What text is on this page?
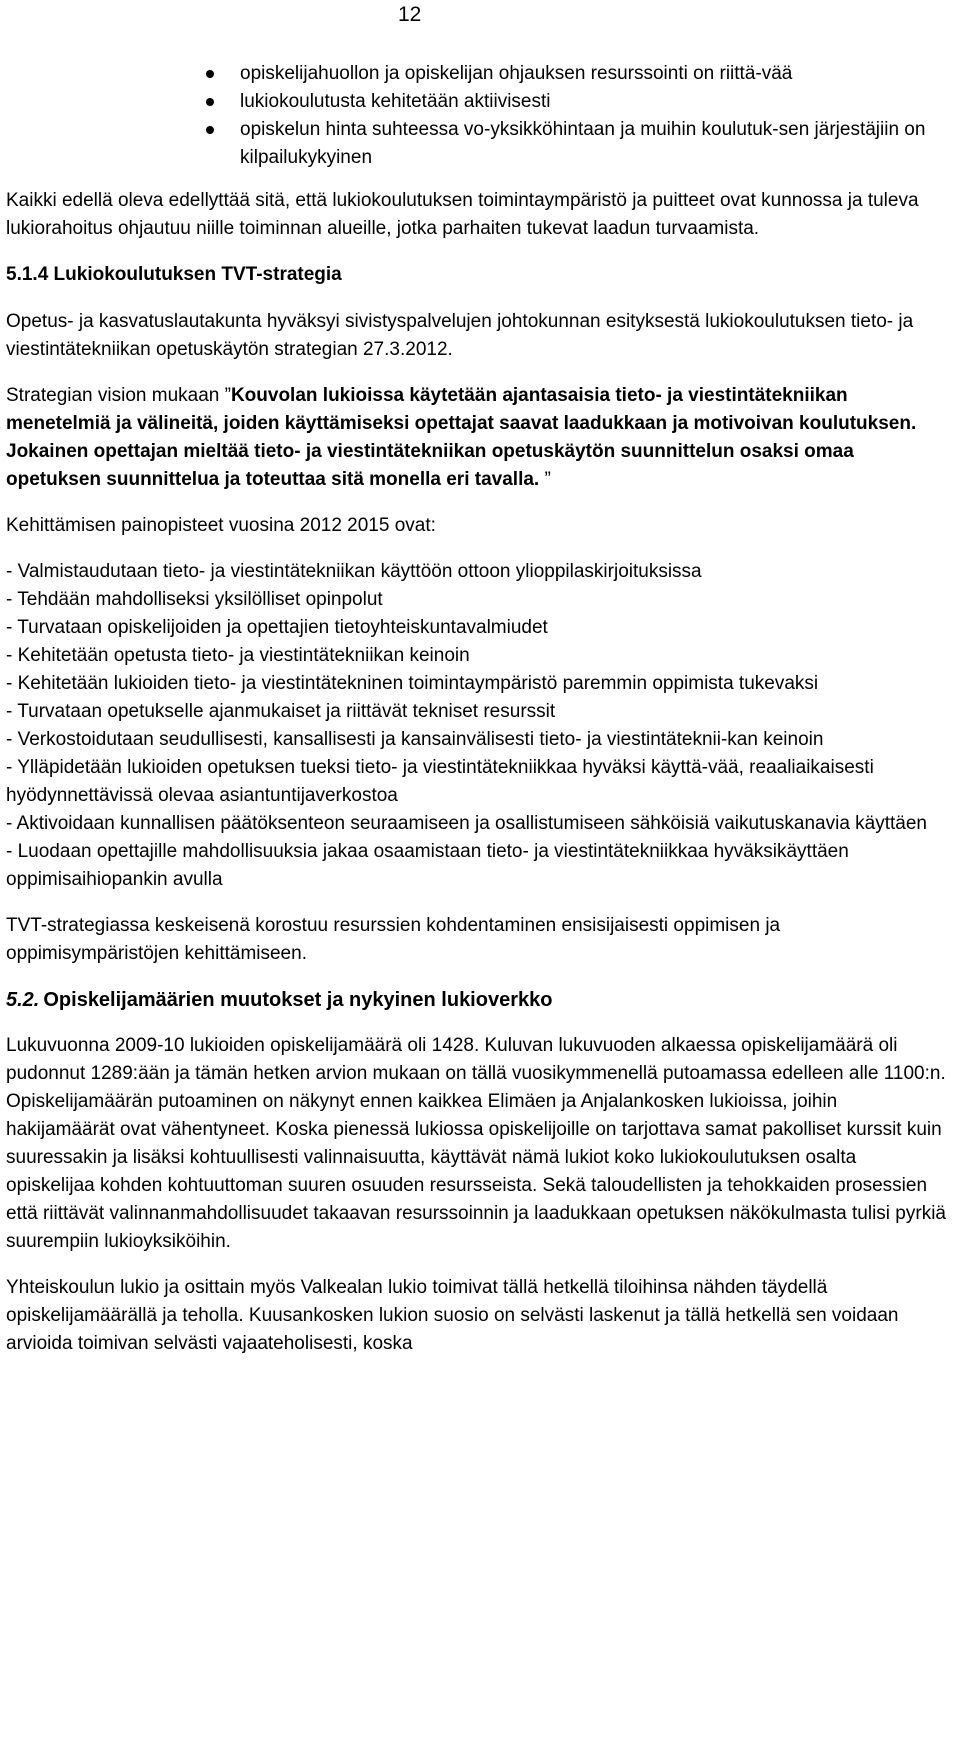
12
opiskelijahuollon ja opiskelijan ohjauksen resurssointi on riittä-vää
lukiokoulutusta kehitetään aktiivisesti
opiskelun hinta suhteessa vo-yksikköhintaan ja muihin koulutuk-sen järjestäjiin on kilpailukykyinen

Kaikki edellä oleva edellyttää sitä, että lukiokoulutuksen toimintaympäristö ja puitteet ovat kunnossa ja tuleva lukiorahoitus ohjautuu niille toiminnan alueille, jotka parhaiten tukevat laadun turvaamista.

5.1.4 Lukiokoulutuksen TVT-strategia

Opetus- ja kasvatuslautakunta hyväksyi sivistyspalvelujen johtokunnan esityksestä lukiokoulutuksen tieto- ja viestintätekniikan opetuskäytön strategian 27.3.2012.

Strategian vision mukaan ”Kouvolan lukioissa käytetään ajantasaisia tieto- ja viestintätekniikan menetelmiä ja välineitä, joiden käyttämiseksi opettajat saavat laadukkaan ja motivoivan koulutuksen. Jokainen opettajan mieltää tieto- ja viestintätekniikan opetuskäytön suunnittelun osaksi omaa opetuksen suunnittelua ja toteuttaa sitä monella eri tavalla. ”

Kehittämisen painopisteet vuosina 2012 2015 ovat:

- Valmistaudutaan tieto- ja viestintätekniikan käyttöön ottoon ylioppilaskirjoituksissa
- Tehdään mahdolliseksi yksilölliset opinpolut
- Turvataan opiskelijoiden ja opettajien tietoyhteiskuntavalmiudet
- Kehitetään opetusta tieto- ja viestintätekniikan keinoin
- Kehitetään lukioiden tieto- ja viestintätekninen toimintaympäristö paremmin oppimista tukevaksi
- Turvataan opetukselle ajanmukaiset ja riittävät tekniset resurssit
- Verkostoidutaan seudullisesti, kansallisesti ja kansainvälisesti tieto- ja viestintäteknii-kan keinoin
- Ylläpidetään lukioiden opetuksen tueksi tieto- ja viestintätekniikkaa hyväksi käyttä-vää, reaaliaikaisesti hyödynnettävissä olevaa asiantuntijaverkostoa
- Aktivoidaan kunnallisen päätöksenteon seuraamiseen ja osallistumiseen sähköisiä vaikutuskanavia käyttäen
- Luodaan opettajille mahdollisuuksia jakaa osaamistaan tieto- ja viestintätekniikkaa hyväksikäyttäen oppimisaihiopankin avulla

TVT-strategiassa keskeisenä korostuu resurssien kohdentaminen ensisijaisesti oppimisen ja oppimisympäristöjen kehittämiseen.

5.2. Opiskelijamäärien muutokset ja nykyinen lukioverkko

Lukuvuonna 2009-10 lukioiden opiskelijamäärä oli 1428. Kuluvan lukuvuoden alkaessa opiskelijamäärä oli pudonnut 1289:ään ja tämän hetken arvion mukaan on tällä vuosikymmenellä putoamassa edelleen alle 1100:n. Opiskelijamäärän putoaminen on näkynyt ennen kaikkea Elimäen ja Anjalankosken lukioissa, joihin hakijamäärät ovat vähentyneet. Koska pienessä lukiossa opiskelijoille on tarjottava samat pakolliset kurssit kuin suuressakin ja lisäksi kohtuullisesti valinnaisuutta, käyttävät nämä lukiot koko lukiokoulutuksen osalta opiskelijaa kohden kohtuuttoman suuren osuuden resursseista. Sekä taloudellisten ja tehokkaiden prosessien että riittävät valinnanmahdollisuudet takaavan resurssoinnin ja laadukkaan opetuksen näkökulmasta tulisi pyrkiä suurempiin lukioyksiköihin.

Yhteiskoulun lukio ja osittain myös Valkealan lukio toimivat tällä hetkellä tiloihinsa nähden täydellä opiskelijamäärällä ja teholla. Kuusankosken lukion suosio on selvästi laskenut ja tällä hetkellä sen voidaan arvioida toimivan selvästi vajaateholisesti, koska
